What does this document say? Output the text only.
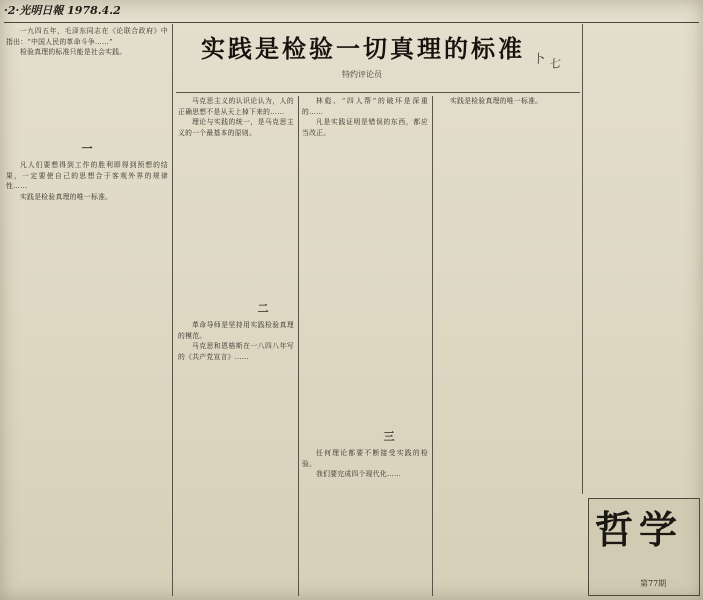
·2·光明日報 1978.4.2
实践是检验一切真理的标准
特约评论员
卜 七

一九四五年，毛泽东同志在《论联合政府》中指出：“中国人民的革命斗争……”

检验真理的标准只能是社会实践。

一

凡人们要想得到工作的胜利即得到预想的结果，一定要使自己的思想合于客观外界的规律性……

实践是检验真理的唯一标准。

马克思主义的认识论认为，人的正确思想不是从天上掉下来的……

理论与实践的统一，是马克思主义的一个最基本的原则。

二

革命导师是坚持用实践检验真理的模范。

马克思和恩格斯在一八四八年写的《共产党宣言》……

林彪、“四人帮”的破坏是深重的……

凡是实践证明是错误的东西，都应当改正。

三

任何理论都要不断接受实践的检验。

我们要完成四个现代化……

实践是检验真理的唯一标准。

哲学
第77期
